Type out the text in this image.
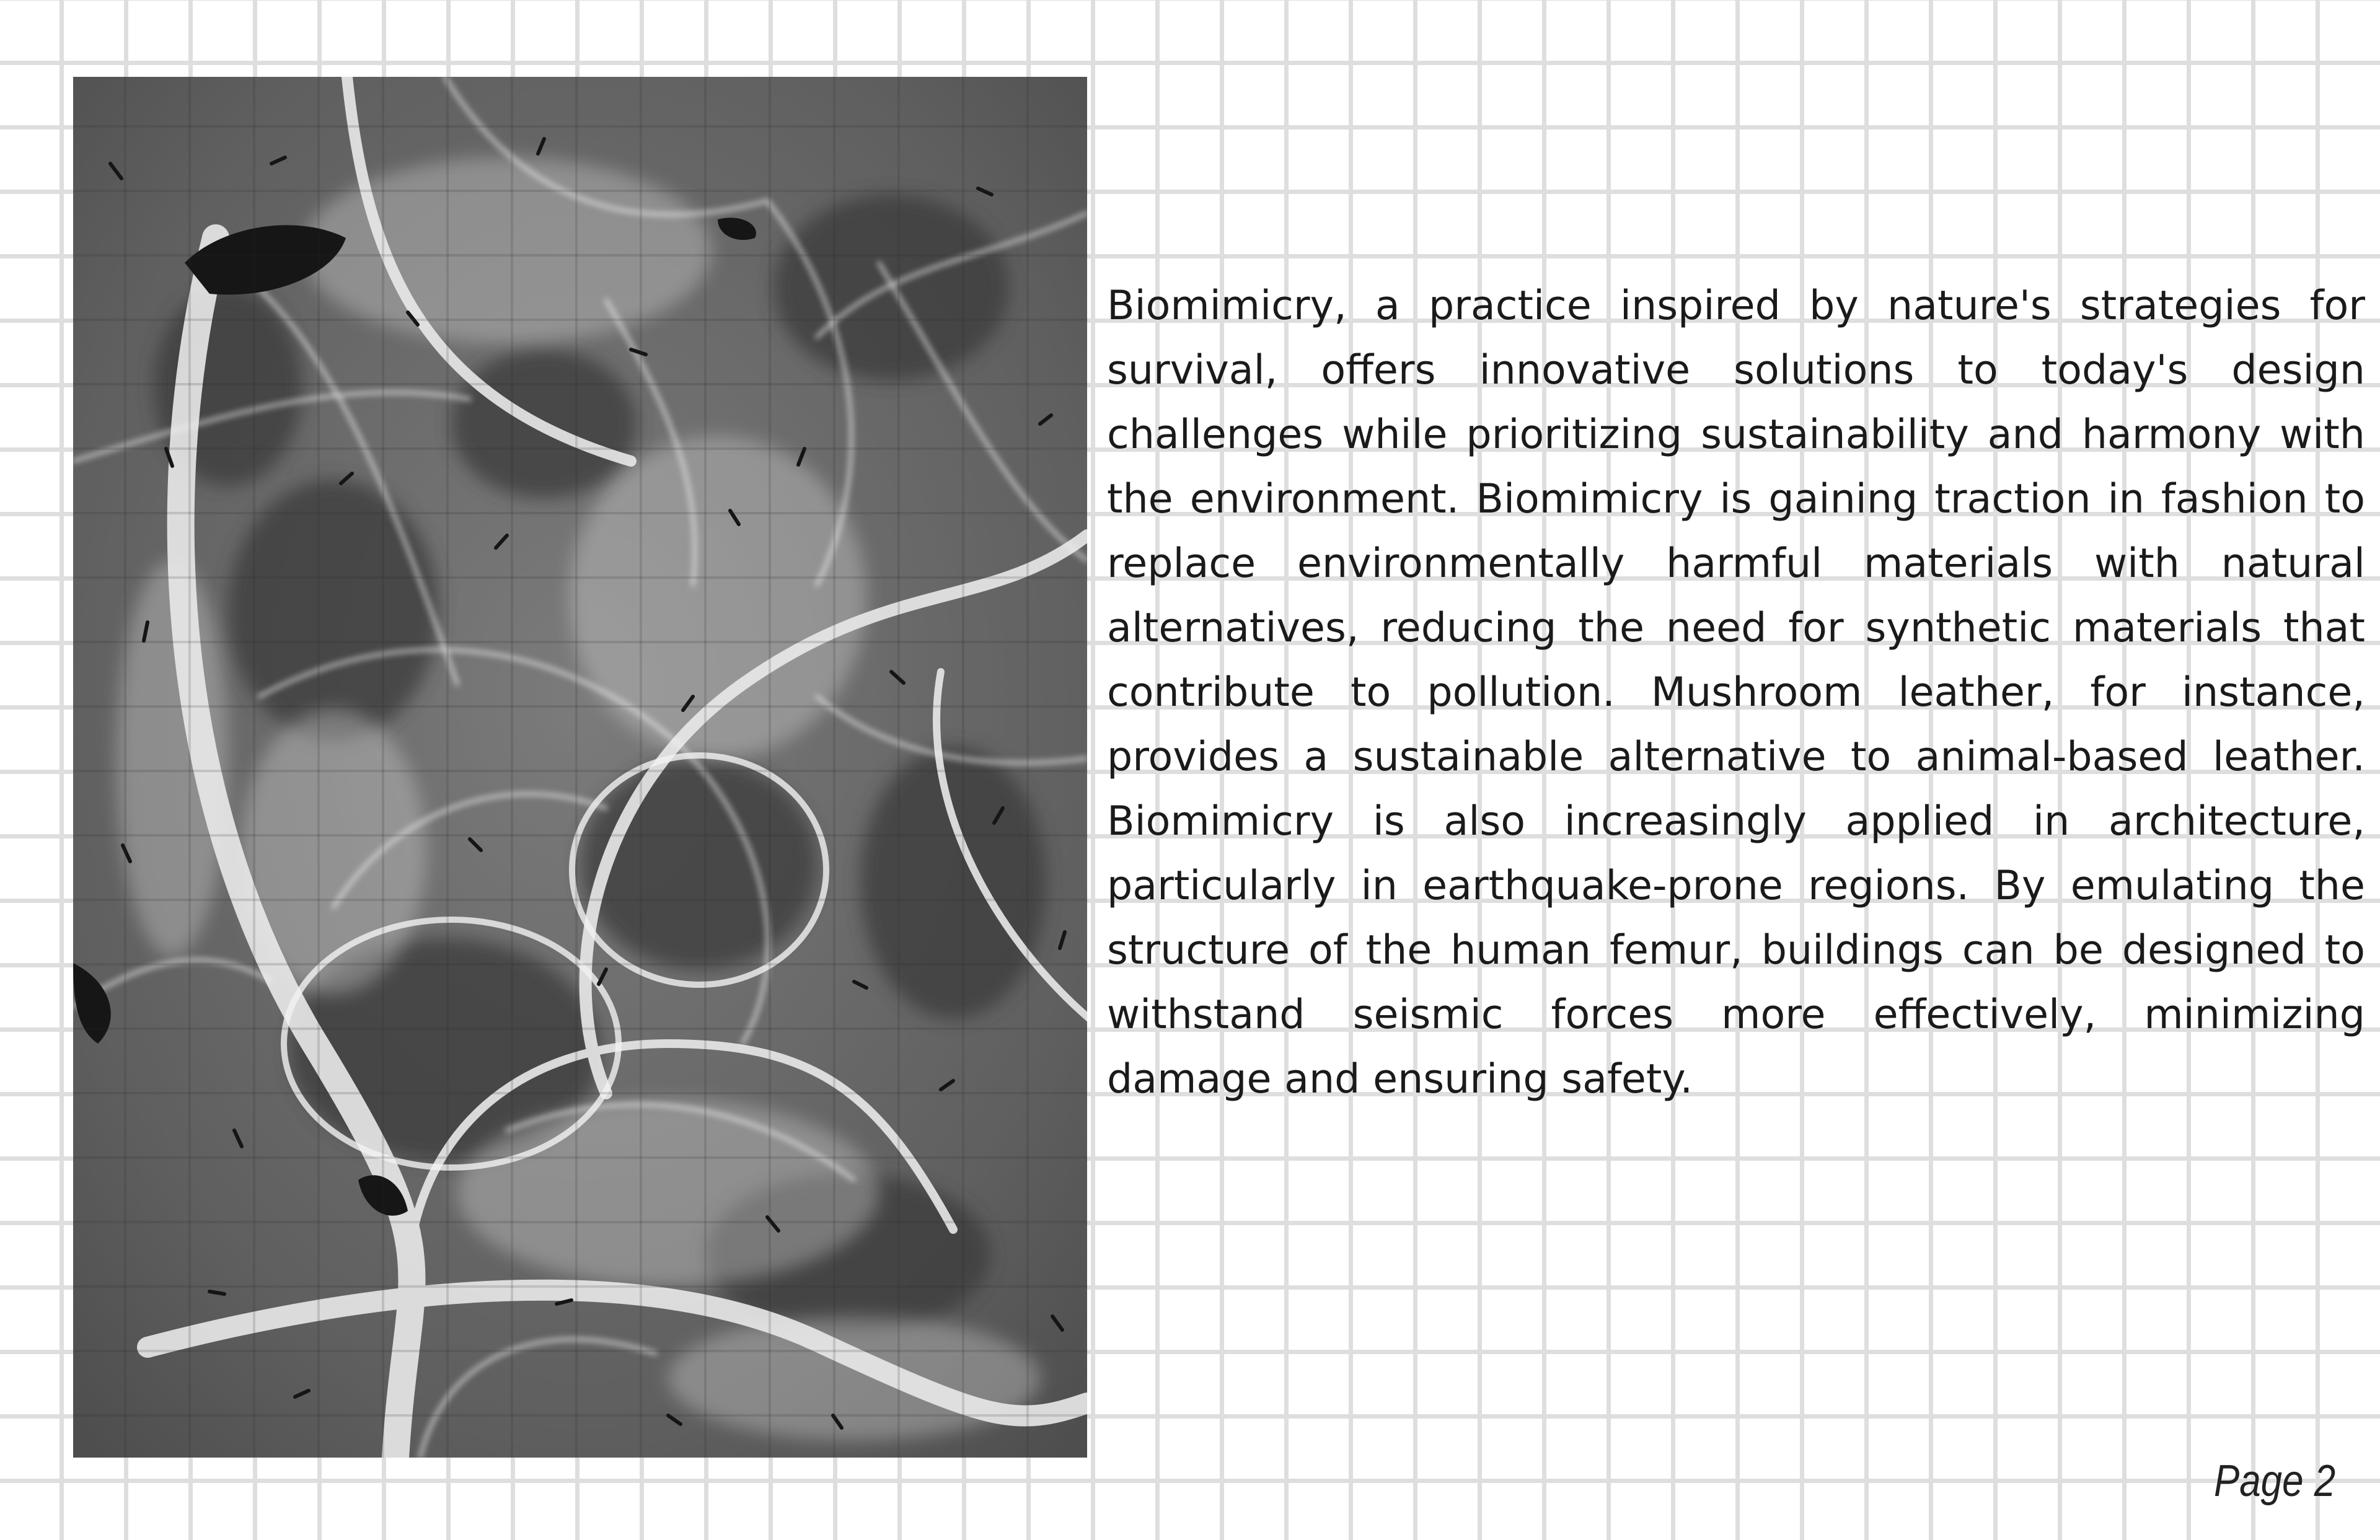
Biomimicry, a practice inspired by nature's strategies for survival, offers innovative solutions to today's design challenges while prioritizing sustainability and harmony with the environment. Biomimicry is gaining traction in fashion to replace environmentally harmful materials with natural alternatives, reducing the need for synthetic materials that contribute to pollution. Mushroom leather, for instance, provides a sustainable alternative to animal-based leather. Biomimicry is also increasingly applied in architecture, particularly in earthquake-prone regions. By emulating the structure of the human femur, buildings can be designed to withstand seismic forces more effectively, minimizing damage and ensuring safety.

Page 2
